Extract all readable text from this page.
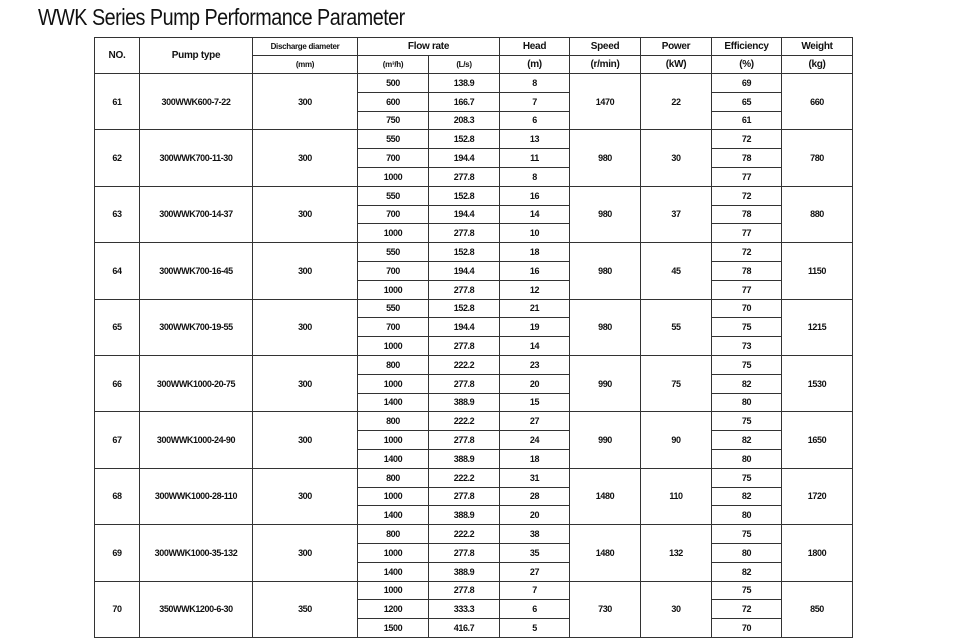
WWK Series Pump Performance Parameter
NO.	Pump type	Discharge diameter	Flow rate		Head	Speed	Power	Efficiency	Weight
		(mm)	(m³/h)	(L/s)	(m)	(r/min)	(kW)	(%)	(kg)
61	300WWK600-7-22	300	500	138.9	8	1470	22	69	660
			600	166.7	7			65	
			750	208.3	6			61	
62	300WWK700-11-30	300	550	152.8	13	980	30	72	780
			700	194.4	11			78	
			1000	277.8	8			77	
63	300WWK700-14-37	300	550	152.8	16	980	37	72	880
			700	194.4	14			78	
			1000	277.8	10			77	
64	300WWK700-16-45	300	550	152.8	18	980	45	72	1150
			700	194.4	16			78	
			1000	277.8	12			77	
65	300WWK700-19-55	300	550	152.8	21	980	55	70	1215
			700	194.4	19			75	
			1000	277.8	14			73	
66	300WWK1000-20-75	300	800	222.2	23	990	75	75	1530
			1000	277.8	20			82	
			1400	388.9	15			80	
67	300WWK1000-24-90	300	800	222.2	27	990	90	75	1650
			1000	277.8	24			82	
			1400	388.9	18			80	
68	300WWK1000-28-110	300	800	222.2	31	1480	110	75	1720
			1000	277.8	28			82	
			1400	388.9	20			80	
69	300WWK1000-35-132	300	800	222.2	38	1480	132	75	1800
			1000	277.8	35			80	
			1400	388.9	27			82	
70	350WWK1200-6-30	350	1000	277.8	7	730	30	75	850
			1200	333.3	6			72	
			1500	416.7	5			70	
